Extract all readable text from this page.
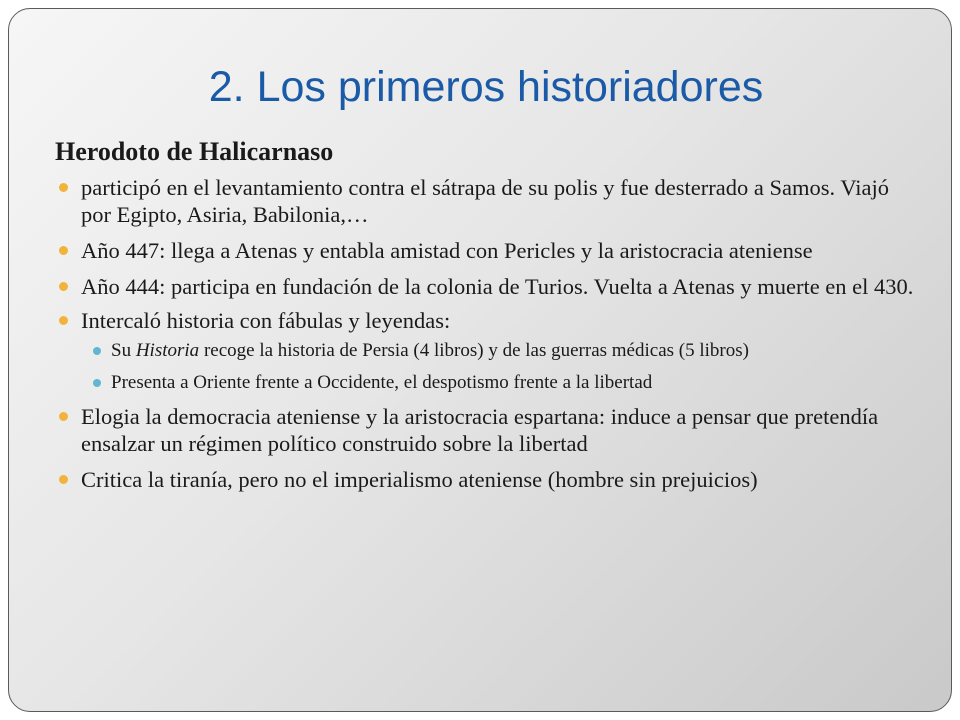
2. Los primeros historiadores
Herodoto de Halicarnaso
participó en el levantamiento contra el sátrapa de su polis y fue desterrado a Samos. Viajó por Egipto, Asiria, Babilonia,…
Año 447: llega a Atenas y entabla amistad con Pericles y la aristocracia ateniense
Año 444: participa en fundación de la colonia de Turios. Vuelta a Atenas y muerte en el 430.
Intercaló historia con fábulas y leyendas:
Su Historia recoge la historia de Persia (4 libros) y de las guerras médicas (5 libros)
Presenta a Oriente frente a Occidente, el despotismo frente a la libertad
Elogia la democracia ateniense y la aristocracia espartana: induce a pensar que pretendía ensalzar un régimen político construido sobre la libertad
Critica la tiranía, pero no el imperialismo ateniense (hombre sin prejuicios)
